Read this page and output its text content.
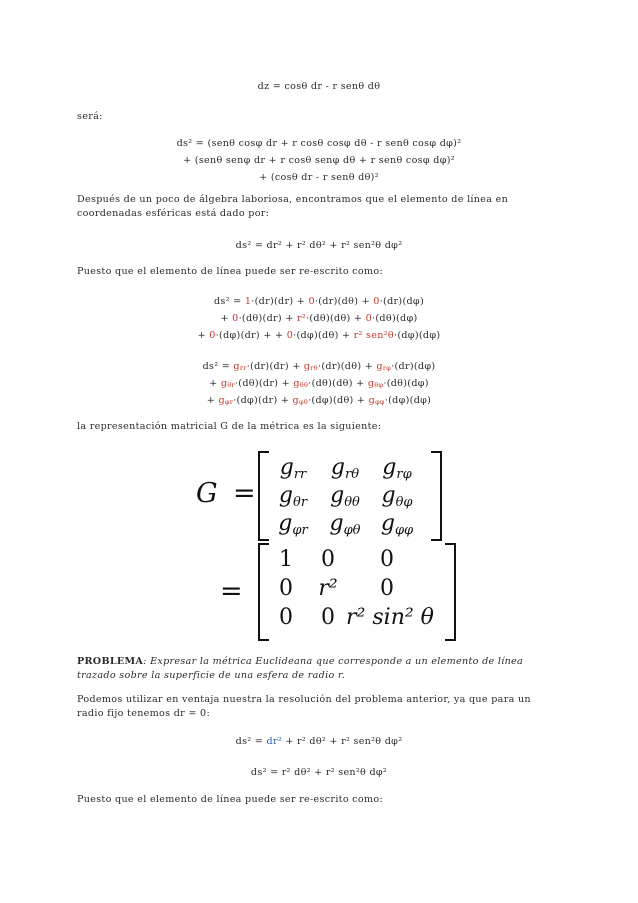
dz = cosθ dr - r senθ dθ
será:
ds² = (senθ cosφ dr + r cosθ cosφ dθ - r senθ cosφ dφ)²
+ (senθ senφ dr + r cosθ senφ dθ + r senθ cosφ dφ)²
+ (cosθ dr - r senθ dθ)²
Después de un poco de álgebra laboriosa, encontramos que el elemento de línea en coordenadas esféricas está dado por:
ds² = dr² + r² dθ² + r² sen²θ dφ²
Puesto que el elemento de línea puede ser re-escrito como:
ds² = 1·(dr)(dr) + 0·(dr)(dθ) + 0·(dr)(dφ)
+ 0·(dθ)(dr) + r²·(dθ)(dθ) + 0·(dθ)(dφ)
+ 0·(dφ)(dr) + + 0·(dφ)(dθ) + r² sen²θ·(dφ)(dφ)
$ds^2 = g_{rr}\cdot(dr)(dr) + g_{r\theta}\cdot(dr)(d\theta) + g_{r\varphi}\cdot(dr)(d\varphi)$
+ $g_{\theta r}\cdot(d\theta)(dr) + g_{\theta\theta}\cdot(d\theta)(d\theta) + g_{\theta\varphi}\cdot(d\theta)(d\varphi)$
+ $g_{\varphi r}\cdot(d\varphi)(dr) + g_{\varphi\theta}\cdot(d\varphi)(d\theta) + g_{\varphi\varphi}\cdot(d\varphi)(d\varphi)$
la representación matricial G de la métrica es la siguiente:
G =
$g_{rr}$	$g_{r\theta}$	$g_{r\varphi}$
$g_{\theta r}$	$g_{\theta\theta}$ $g_{\theta\varphi}$
$g_{\varphi r}$ $g_{\varphi\theta}$ $g_{\varphi\varphi}$
=
1	0	0
0	r²	0
0	0 r² sin² θ
PROBLEMA: Expresar la métrica Euclideana que corresponde a un elemento de línea trazado sobre la superficie de una esfera de radio r.
Podemos utilizar en ventaja nuestra la resolución del problema anterior, ya que para un radio fijo tenemos dr = 0:
ds² = dr² + r² dθ² + r² sen²θ dφ²
ds² = r² dθ² + r² sen²θ dφ²
Puesto que el elemento de línea puede ser re-escrito como:
